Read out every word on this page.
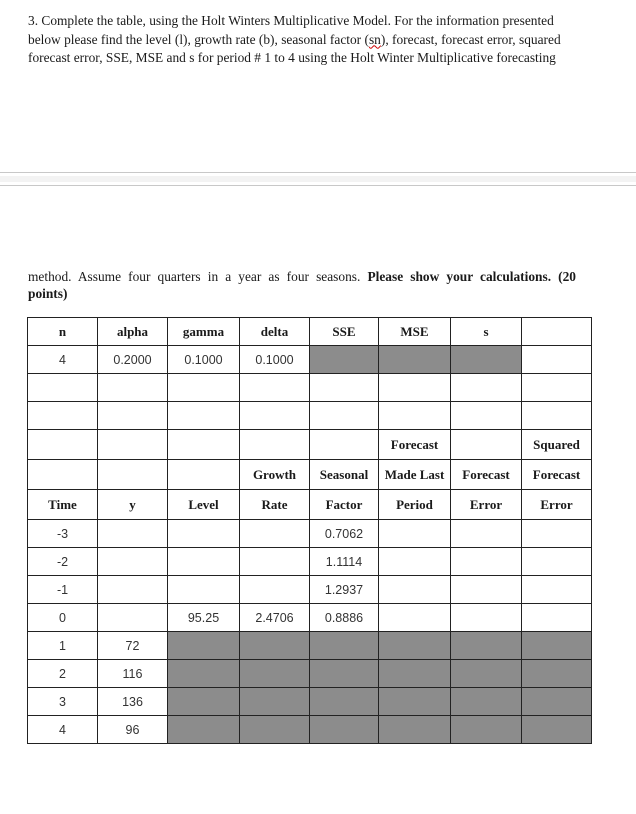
3. Complete the table, using the Holt Winters Multiplicative Model. For the information presented

below please find the level (l), growth rate (b), seasonal factor (sn), forecast, forecast error, squared

forecast error, SSE, MSE and s for period # 1 to 4 using the Holt Winter Multiplicative forecasting

method. Assume four quarters in a year as four seasons. Please show your calculations. (20 points)
n	alpha	gamma	delta	SSE	MSE	s	
4	0.2000	0.1000	0.1000				

					Forecast		Squared
			Growth	Seasonal	Made Last	Forecast	Forecast
Time	y	Level	Rate	Factor	Period	Error	Error
-3				0.7062			
-2				1.1114			
-1				1.2937			
0		95.25	2.4706	0.8886			
1	72						
2	116						
3	136						
4	96						
